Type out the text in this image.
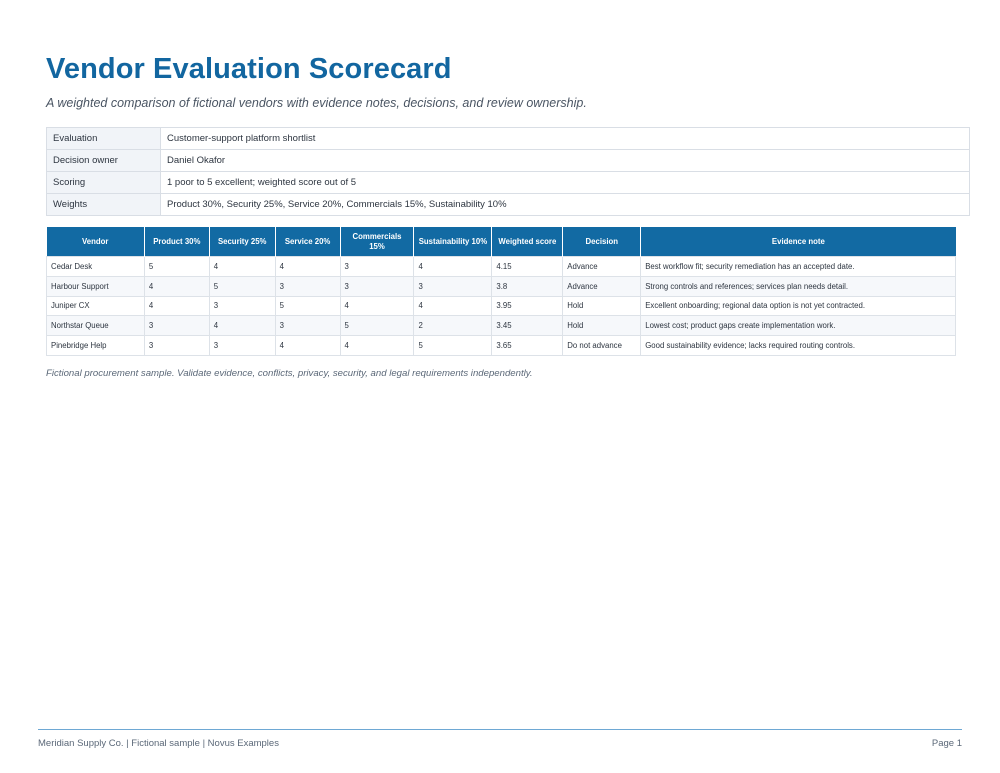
Vendor Evaluation Scorecard
A weighted comparison of fictional vendors with evidence notes, decisions, and review ownership.
Evaluation	Customer-support platform shortlist
Decision owner	Daniel Okafor
Scoring	1 poor to 5 excellent; weighted score out of 5
Weights	Product 30%, Security 25%, Service 20%, Commercials 15%, Sustainability 10%
Vendor	Product 30%	Security 25%	Service 20%	Commercials 15%	Sustainability 10%	Weighted score	Decision	Evidence note
Cedar Desk	5	4	4	3	4	4.15	Advance	Best workflow fit; security remediation has an accepted date.
Harbour Support	4	5	3	3	3	3.8	Advance	Strong controls and references; services plan needs detail.
Juniper CX	4	3	5	4	4	3.95	Hold	Excellent onboarding; regional data option is not yet contracted.
Northstar Queue	3	4	3	5	2	3.45	Hold	Lowest cost; product gaps create implementation work.
Pinebridge Help	3	3	4	4	5	3.65	Do not advance	Good sustainability evidence; lacks required routing controls.
Fictional procurement sample. Validate evidence, conflicts, privacy, security, and legal requirements independently.
Meridian Supply Co. | Fictional sample | Novus Examples	Page 1
